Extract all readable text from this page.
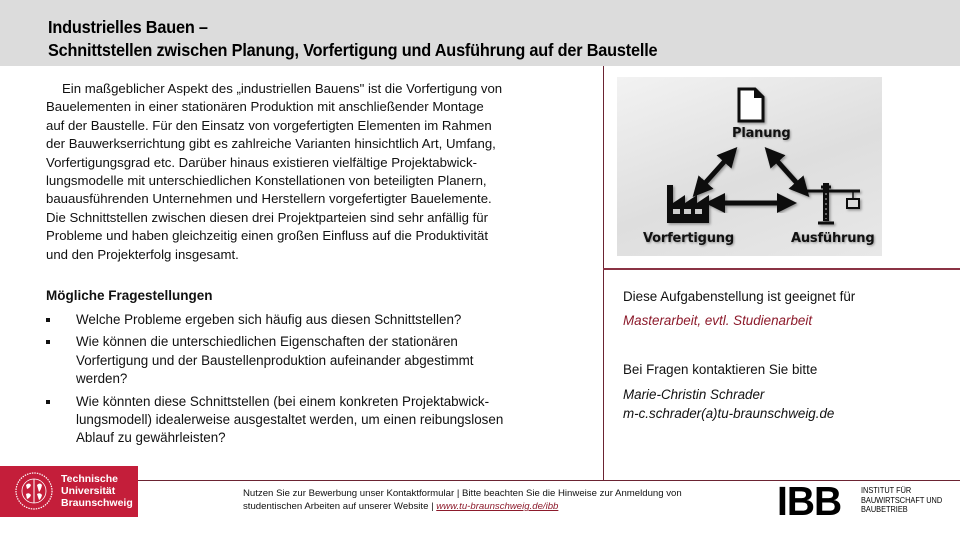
Industrielles Bauen –
Schnittstellen zwischen Planung, Vorfertigung und Ausführung auf der Baustelle
Ein maßgeblicher Aspekt des „industriellen Bauens" ist die Vorfertigung von
Bauelementen in einer stationären Produktion mit anschließender Montage
auf der Baustelle. Für den Einsatz von vorgefertigten Elementen im Rahmen
der Bauwerkserrichtung gibt es zahlreiche Varianten hinsichtlich Art, Umfang,
Vorfertigungsgrad etc. Darüber hinaus existieren vielfältige Projektabwick-
lungsmodelle mit unterschiedlichen Konstellationen von beteiligten Planern,
bauausführenden Unternehmen und Herstellern vorgefertigter Bauelemente.
Die Schnittstellen zwischen diesen drei Projektparteien sind sehr anfällig für
Probleme und haben gleichzeitig einen großen Einfluss auf die Produktivität
und den Projekterfolg insgesamt.
Mögliche Fragestellungen
Welche Probleme ergeben sich häufig aus diesen Schnittstellen?
Wie können die unterschiedlichen Eigenschaften der stationären
Vorfertigung und der Baustellenproduktion aufeinander abgestimmt
werden?
Wie könnten diese Schnittstellen (bei einem konkreten Projektabwick-
lungsmodell) idealerweise ausgestaltet werden, um einen reibungslosen
Ablauf zu gewährleisten?
Planung
Vorfertigung	Ausführung
Diese Aufgabenstellung ist geeignet für
Masterarbeit, evtl. Studienarbeit
Bei Fragen kontaktieren Sie bitte
Marie-Christin Schrader
m-c.schrader(a)tu-braunschweig.de
Technische
Universität
Braunschweig
Nutzen Sie zur Bewerbung unser Kontaktformular | Bitte beachten Sie die Hinweise zur Anmeldung von
studentischen Arbeiten auf unserer Website | www.tu-braunschweig.de/ibb	IBB INSTITUT FÜR
BAUWIRTSCHAFT UND
BAUBETRIEB
